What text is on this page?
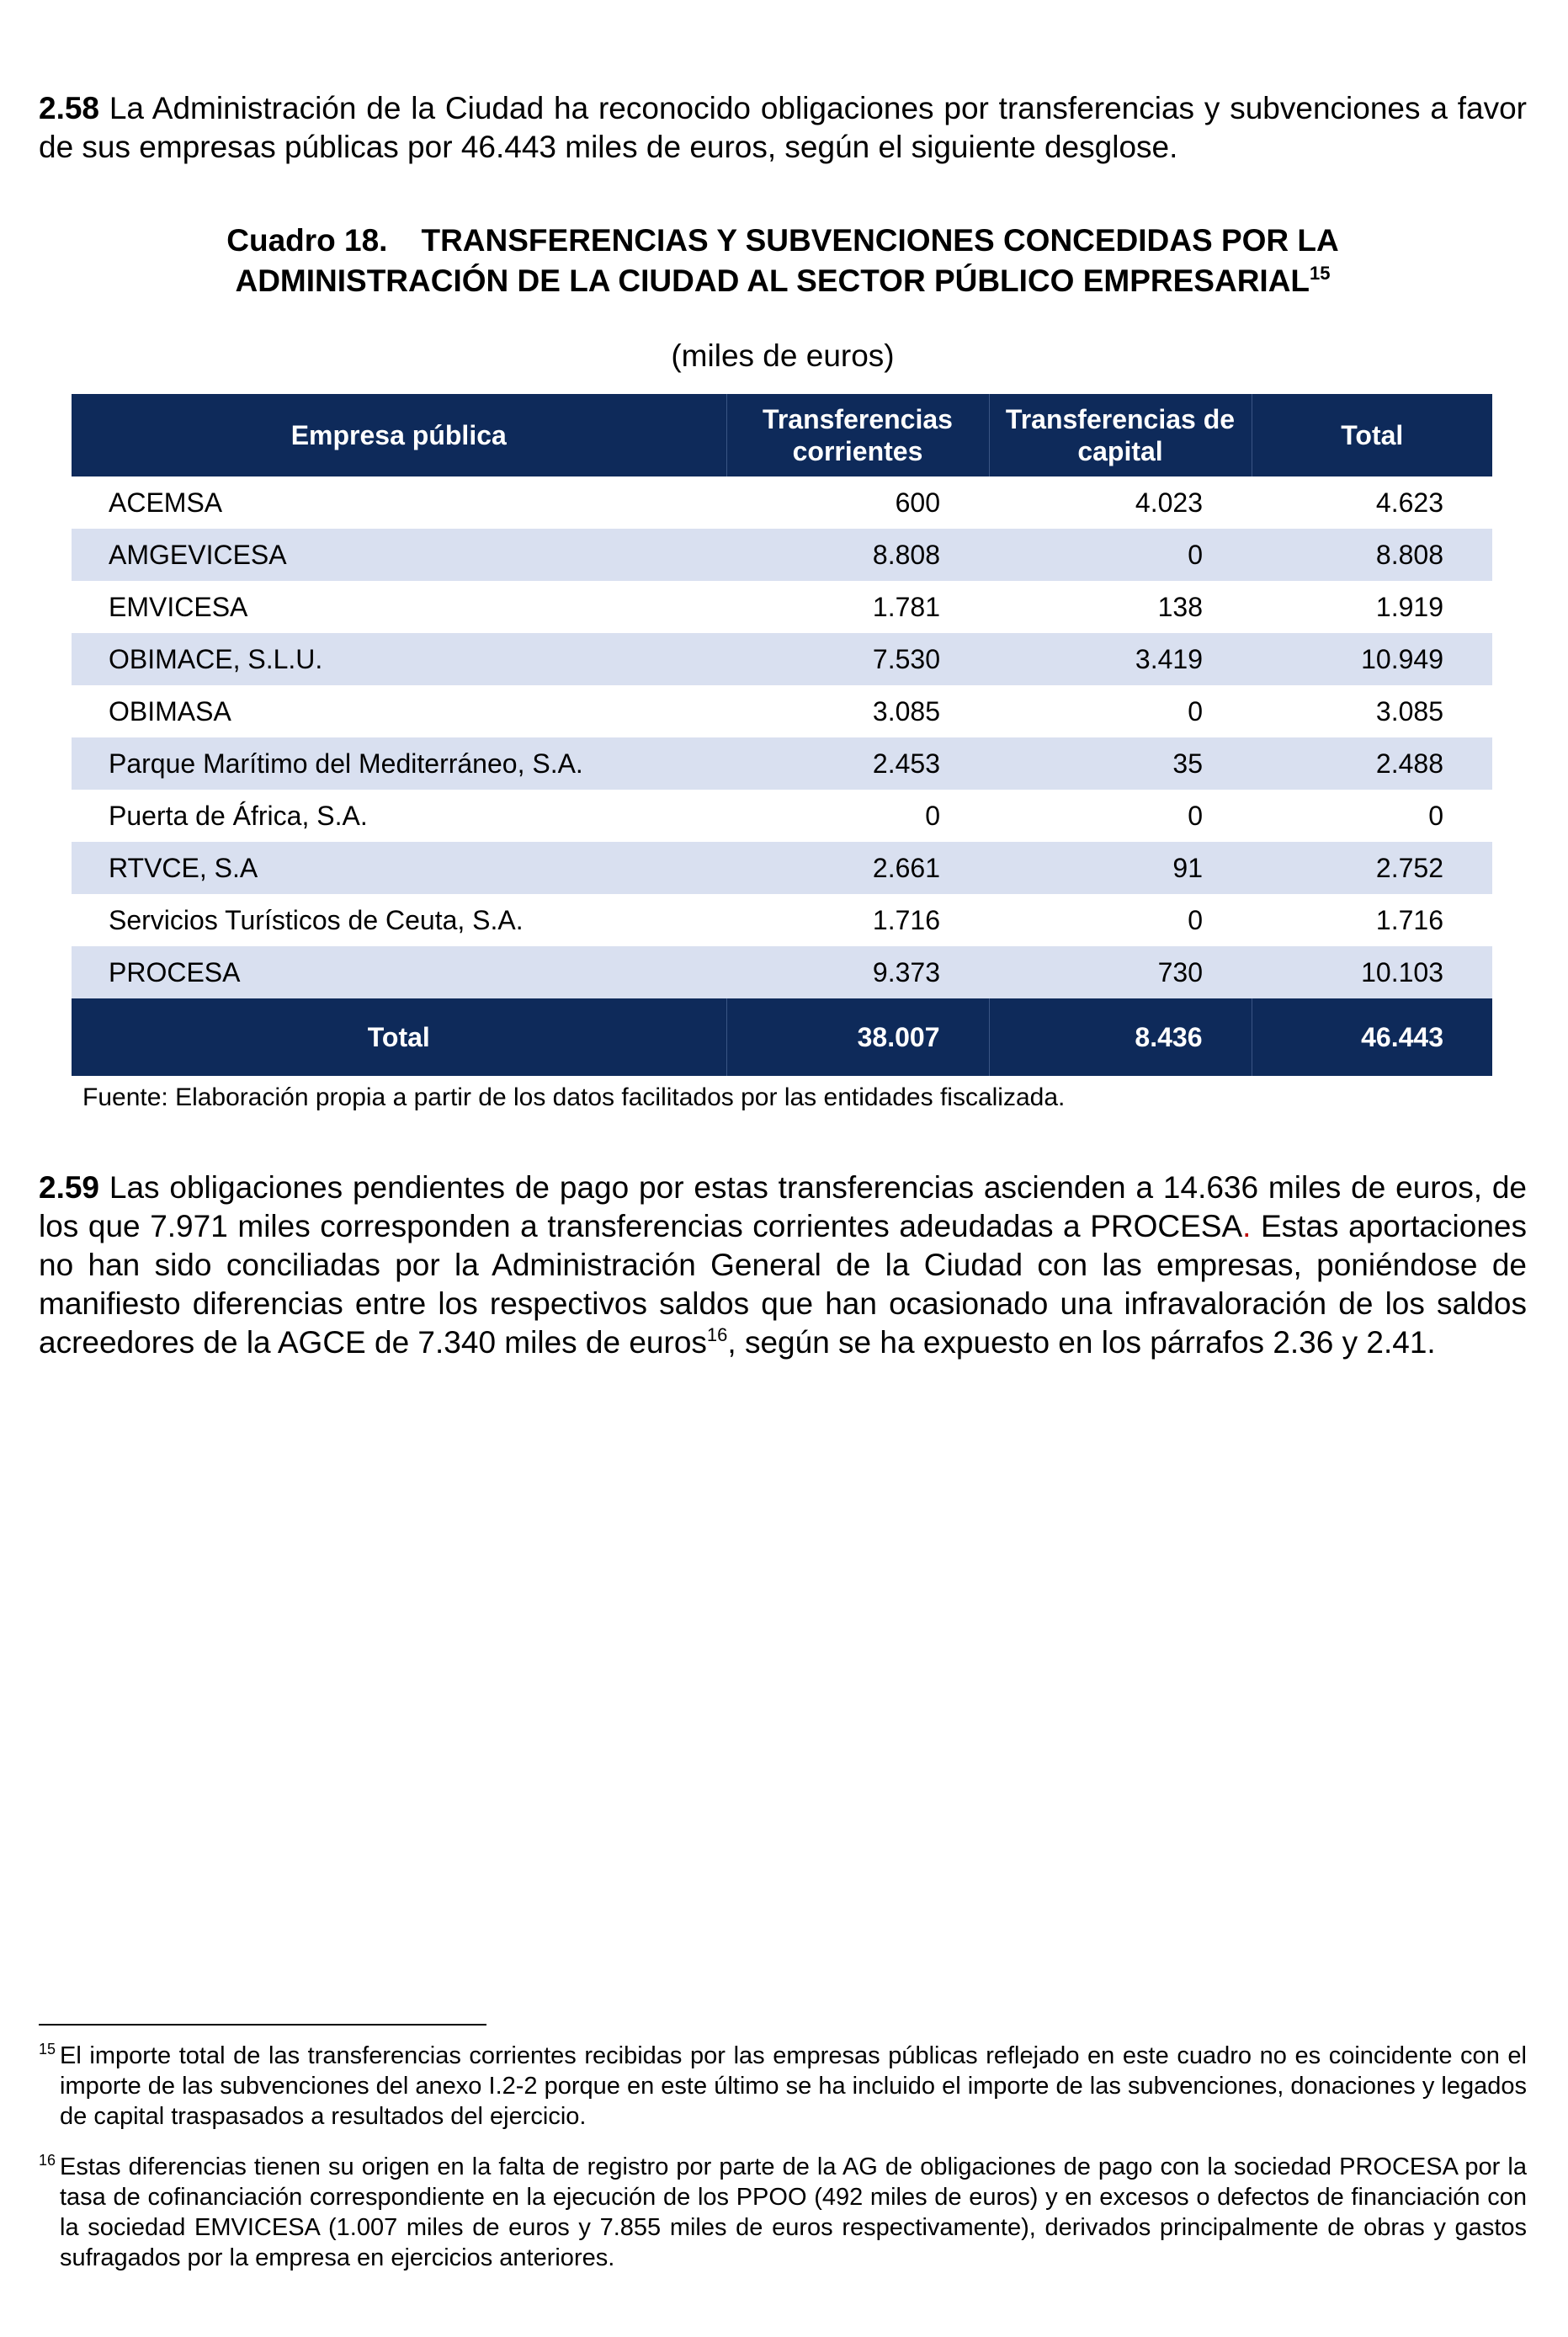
2.58 La Administración de la Ciudad ha reconocido obligaciones por transferencias y subvenciones a favor de sus empresas públicas por 46.443 miles de euros, según el siguiente desglose.
Cuadro 18. TRANSFERENCIAS Y SUBVENCIONES CONCEDIDAS POR LA
ADMINISTRACIÓN DE LA CIUDAD AL SECTOR PÚBLICO EMPRESARIAL$^{15}$
(miles de euros)
Empresa pública	Transferencias corrientes	Transferencias de capital	Total
ACEMSA	600	4.023	4.623
AMGEVICESA	8.808	0	8.808
EMVICESA	1.781	138	1.919
OBIMACE, S.L.U.	7.530	3.419	10.949
OBIMASA	3.085	0	3.085
Parque Marítimo del Mediterráneo, S.A.	2.453	35	2.488
Puerta de África, S.A.	0	0	0
RTVCE, S.A	2.661	91	2.752
Servicios Turísticos de Ceuta, S.A.	1.716	0	1.716
PROCESA	9.373	730	10.103
Total	38.007	8.436	46.443
Fuente: Elaboración propia a partir de los datos facilitados por las entidades fiscalizada.
2.59 Las obligaciones pendientes de pago por estas transferencias ascienden a 14.636 miles de euros, de los que 7.971 miles corresponden a transferencias corrientes adeudadas a PROCESA. Estas aportaciones no han sido conciliadas por la Administración General de la Ciudad con las empresas, poniéndose de manifiesto diferencias entre los respectivos saldos que han ocasionado una infravaloración de los saldos acreedores de la AGCE de 7.340 miles de euros$^{16}$, según se ha expuesto en los párrafos 2.36 y 2.41.
15 El importe total de las transferencias corrientes recibidas por las empresas públicas reflejado en este cuadro no es coincidente con el importe de las subvenciones del anexo I.2-2 porque en este último se ha incluido el importe de las subvenciones, donaciones y legados de capital traspasados a resultados del ejercicio.
16 Estas diferencias tienen su origen en la falta de registro por parte de la AG de obligaciones de pago con la sociedad PROCESA por la tasa de cofinanciación correspondiente en la ejecución de los PPOO (492 miles de euros) y en excesos o defectos de financiación con la sociedad EMVICESA (1.007 miles de euros y 7.855 miles de euros respectivamente), derivados principalmente de obras y gastos sufragados por la empresa en ejercicios anteriores.
